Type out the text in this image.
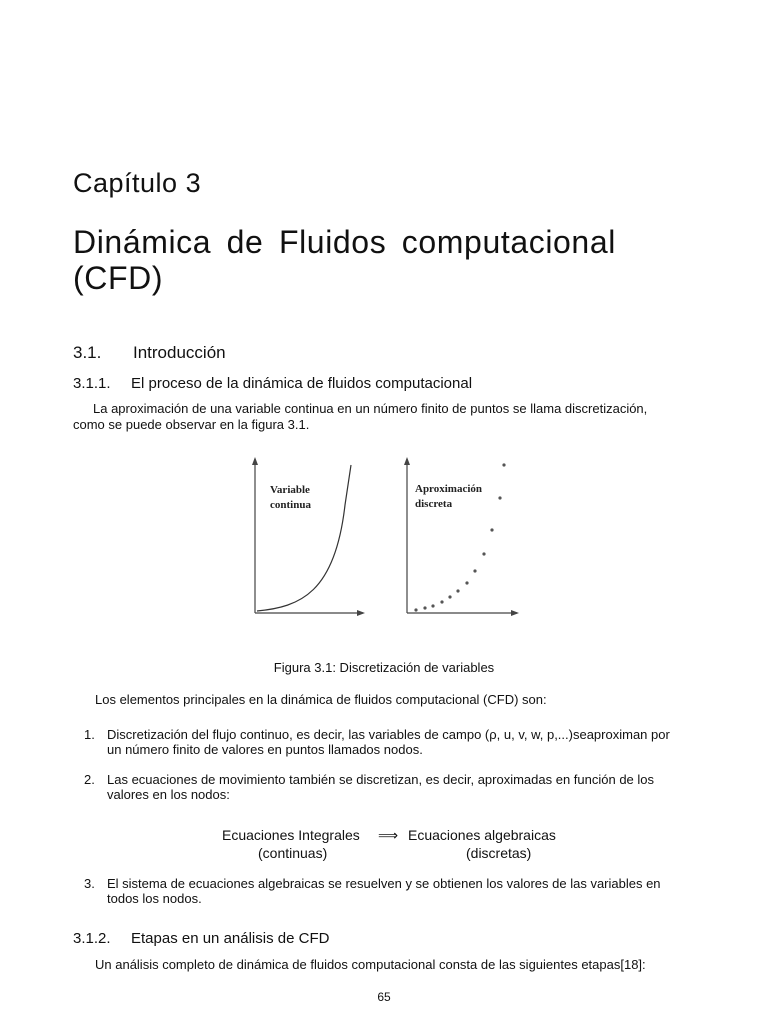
Capítulo 3
Dinámica de Fluidos computacional (CFD)
3.1. Introducción
3.1.1. El proceso de la dinámica de fluidos computacional
La aproximación de una variable continua en un número finito de puntos se llama discretización, como se puede observar en la figura 3.1.
Variable
continua
Aproximación
discreta
Figura 3.1: Discretización de variables
Los elementos principales en la dinámica de fluidos computacional (CFD) son:
1. Discretización del flujo continuo, es decir, las variables de campo (ρ, u, v, w, p,...)seaproximan por un número finito de valores en puntos llamados nodos.
2. Las ecuaciones de movimiento también se discretizan, es decir, aproximadas en función de los valores en los nodos:
Ecuaciones Integrales
(continuas)
⟹ Ecuaciones algebraicas
(discretas)
3. El sistema de ecuaciones algebraicas se resuelven y se obtienen los valores de las variables en todos los nodos.
3.1.2. Etapas en un análisis de CFD
Un análisis completo de dinámica de fluidos computacional consta de las siguientes etapas[18]:
65
